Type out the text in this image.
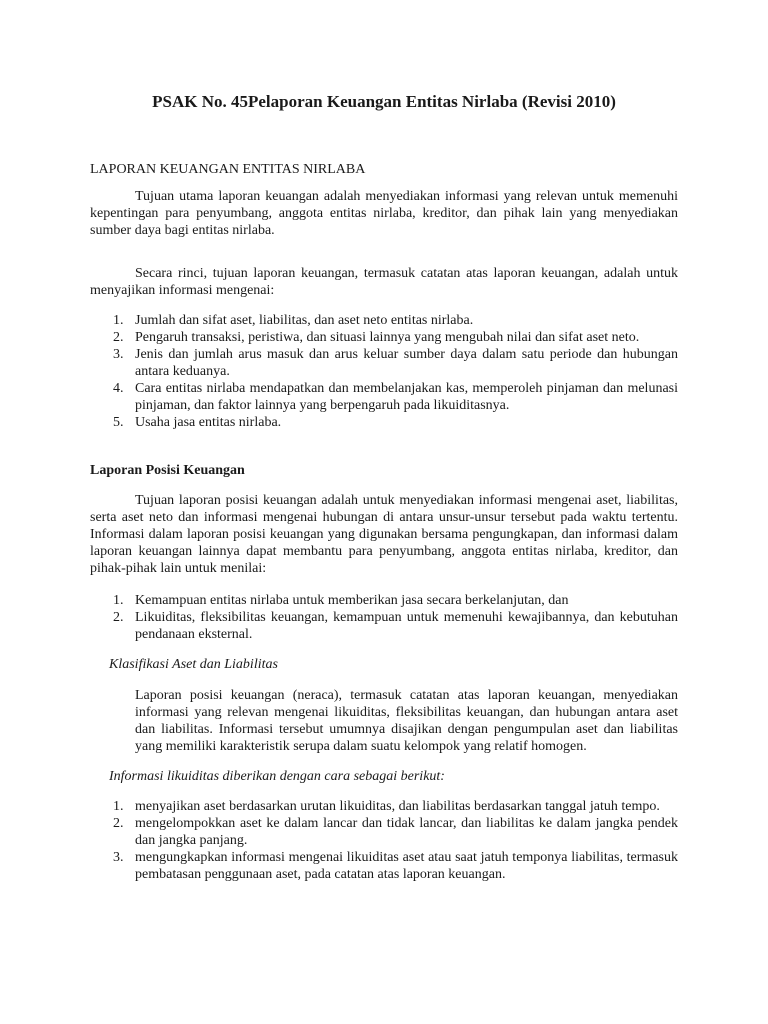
PSAK No. 45Pelaporan Keuangan Entitas Nirlaba (Revisi 2010)
LAPORAN KEUANGAN ENTITAS NIRLABA

Tujuan utama laporan keuangan adalah menyediakan informasi yang relevan untuk memenuhi kepentingan para penyumbang, anggota entitas nirlaba, kreditor, dan pihak lain yang menyediakan sumber daya bagi entitas nirlaba.

Secara rinci, tujuan laporan keuangan, termasuk catatan atas laporan keuangan, adalah untuk menyajikan informasi mengenai:

1. Jumlah dan sifat aset, liabilitas, dan aset neto entitas nirlaba.
2. Pengaruh transaksi, peristiwa, dan situasi lainnya yang mengubah nilai dan sifat aset neto.
3. Jenis dan jumlah arus masuk dan arus keluar sumber daya dalam satu periode dan hubungan antara keduanya.
4. Cara entitas nirlaba mendapatkan dan membelanjakan kas, memperoleh pinjaman dan melunasi pinjaman, dan faktor lainnya yang berpengaruh pada likuiditasnya.
5. Usaha jasa entitas nirlaba.
Laporan Posisi Keuangan

Tujuan laporan posisi keuangan adalah untuk menyediakan informasi mengenai aset, liabilitas, serta aset neto dan informasi mengenai hubungan di antara unsur-unsur tersebut pada waktu tertentu. Informasi dalam laporan posisi keuangan yang digunakan bersama pengungkapan, dan informasi dalam laporan keuangan lainnya dapat membantu para penyumbang, anggota entitas nirlaba, kreditor, dan pihak-pihak lain untuk menilai:

1. Kemampuan entitas nirlaba untuk memberikan jasa secara berkelanjutan, dan
2. Likuiditas, fleksibilitas keuangan, kemampuan untuk memenuhi kewajibannya, dan kebutuhan pendanaan eksternal.
Klasifikasi Aset dan Liabilitas

Laporan posisi keuangan (neraca), termasuk catatan atas laporan keuangan, menyediakan informasi yang relevan mengenai likuiditas, fleksibilitas keuangan, dan hubungan antara aset dan liabilitas. Informasi tersebut umumnya disajikan dengan pengumpulan aset dan liabilitas yang memiliki karakteristik serupa dalam suatu kelompok yang relatif homogen.

Informasi likuiditas diberikan dengan cara sebagai berikut:
1. menyajikan aset berdasarkan urutan likuiditas, dan liabilitas berdasarkan tanggal jatuh tempo.
2. mengelompokkan aset ke dalam lancar dan tidak lancar, dan liabilitas ke dalam jangka pendek dan jangka panjang.
3. mengungkapkan informasi mengenai likuiditas aset atau saat jatuh temponya liabilitas, termasuk pembatasan penggunaan aset, pada catatan atas laporan keuangan.
